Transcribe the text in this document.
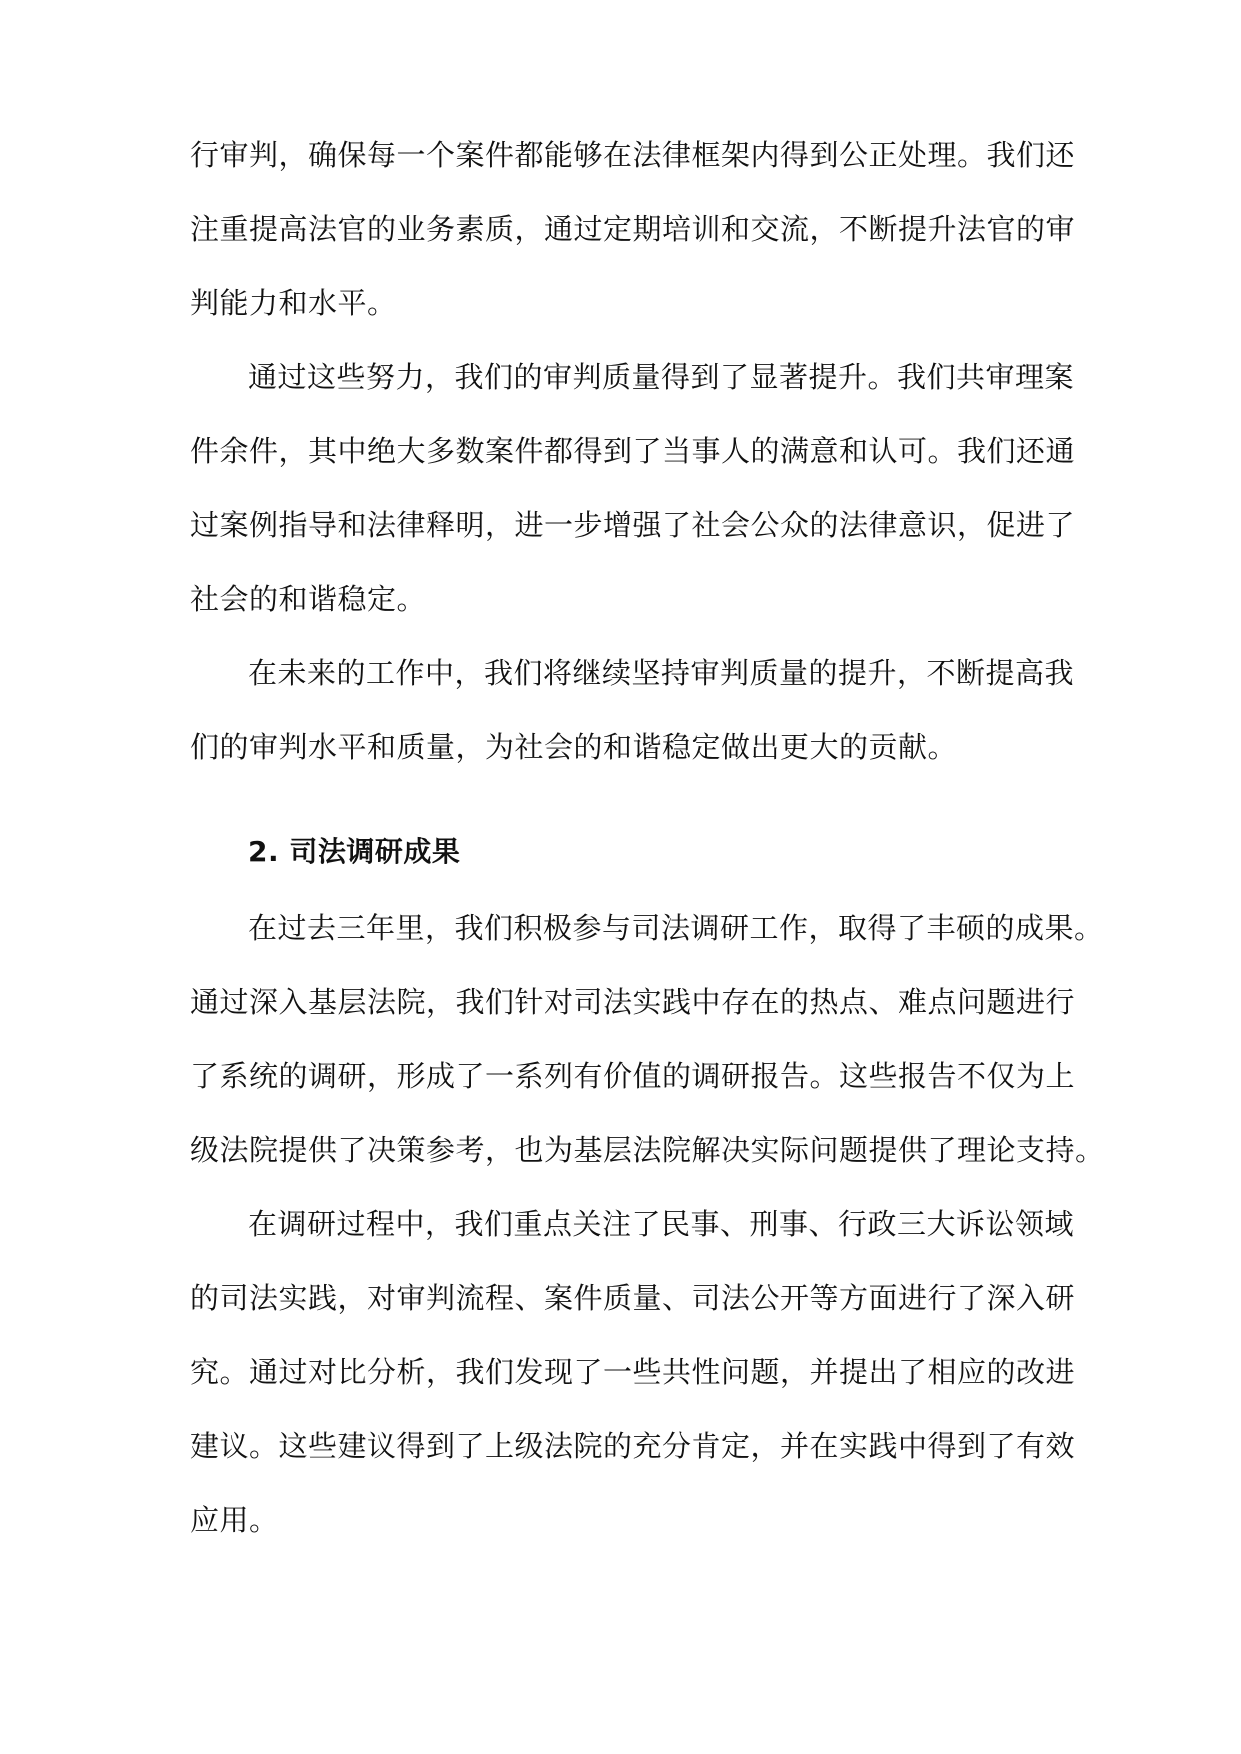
行审判，确保每一个案件都能够在法律框架内得到公正处理。我们还
注重提高法官的业务素质，通过定期培训和交流，不断提升法官的审
判能力和水平。
通过这些努力，我们的审判质量得到了显著提升。我们共审理案
件余件，其中绝大多数案件都得到了当事人的满意和认可。我们还通
过案例指导和法律释明，进一步增强了社会公众的法律意识，促进了
社会的和谐稳定。
在未来的工作中，我们将继续坚持审判质量的提升，不断提高我
们的审判水平和质量，为社会的和谐稳定做出更大的贡献。
2. 司法调研成果
在过去三年里，我们积极参与司法调研工作，取得了丰硕的成果。
通过深入基层法院，我们针对司法实践中存在的热点、难点问题进行
了系统的调研，形成了一系列有价值的调研报告。这些报告不仅为上
级法院提供了决策参考，也为基层法院解决实际问题提供了理论支持。
在调研过程中，我们重点关注了民事、刑事、行政三大诉讼领域
的司法实践，对审判流程、案件质量、司法公开等方面进行了深入研
究。通过对比分析，我们发现了一些共性问题，并提出了相应的改进
建议。这些建议得到了上级法院的充分肯定，并在实践中得到了有效
应用。
